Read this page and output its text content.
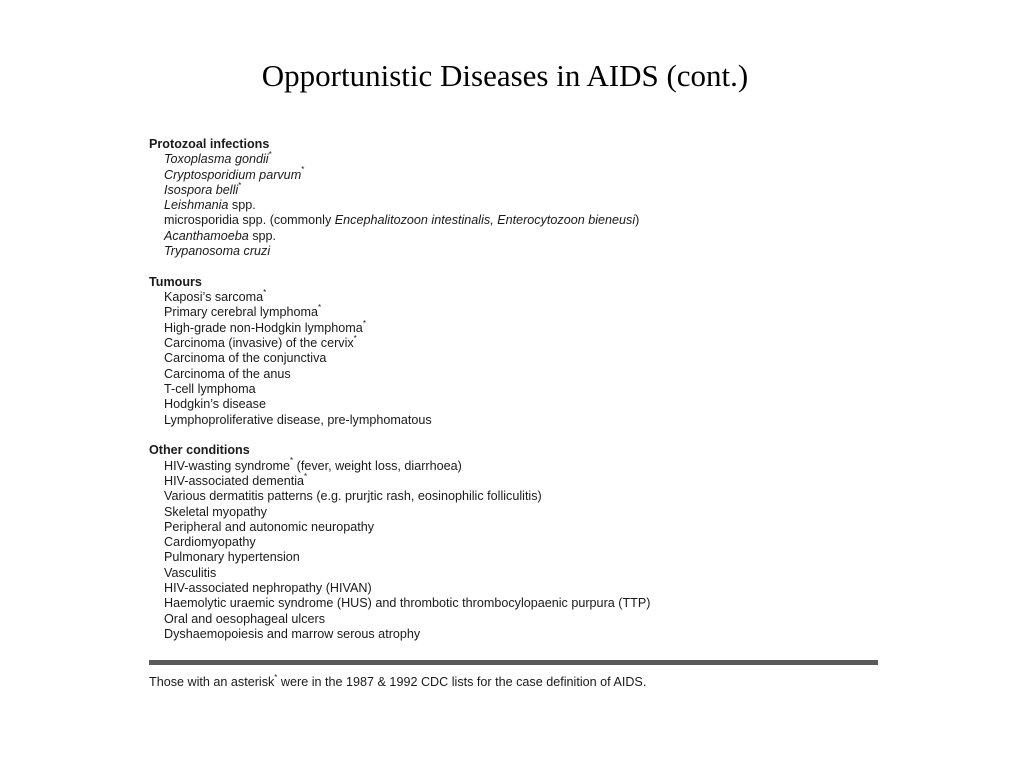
Opportunistic Diseases in AIDS (cont.)
Protozoal infections
Toxoplasma gondii*
Cryptosporidium parvum*
Isospora belli*
Leishmania spp.
microsporidia spp. (commonly Encephalitozoon intestinalis, Enterocytozoon bieneusi)
Acanthamoeba spp.
Trypanosoma cruzi
Tumours
Kaposi’s sarcoma*
Primary cerebral lymphoma*
High-grade non-Hodgkin lymphoma*
Carcinoma (invasive) of the cervix*
Carcinoma of the conjunctiva
Carcinoma of the anus
T-cell lymphoma
Hodgkin’s disease
Lymphoproliferative disease, pre-lymphomatous
Other conditions
HIV-wasting syndrome* (fever, weight loss, diarrhoea)
HIV-associated dementia*
Various dermatitis patterns (e.g. prurjtic rash, eosinophilic folliculitis)
Skeletal myopathy
Peripheral and autonomic neuropathy
Cardiomyopathy
Pulmonary hypertension
Vasculitis
HIV-associated nephropathy (HIVAN)
Haemolytic uraemic syndrome (HUS) and thrombotic thrombocylopaenic purpura (TTP)
Oral and oesophageal ulcers
Dyshaemopoiesis and marrow serous atrophy
Those with an asterisk* were in the 1987 & 1992 CDC lists for the case definition of AIDS.
